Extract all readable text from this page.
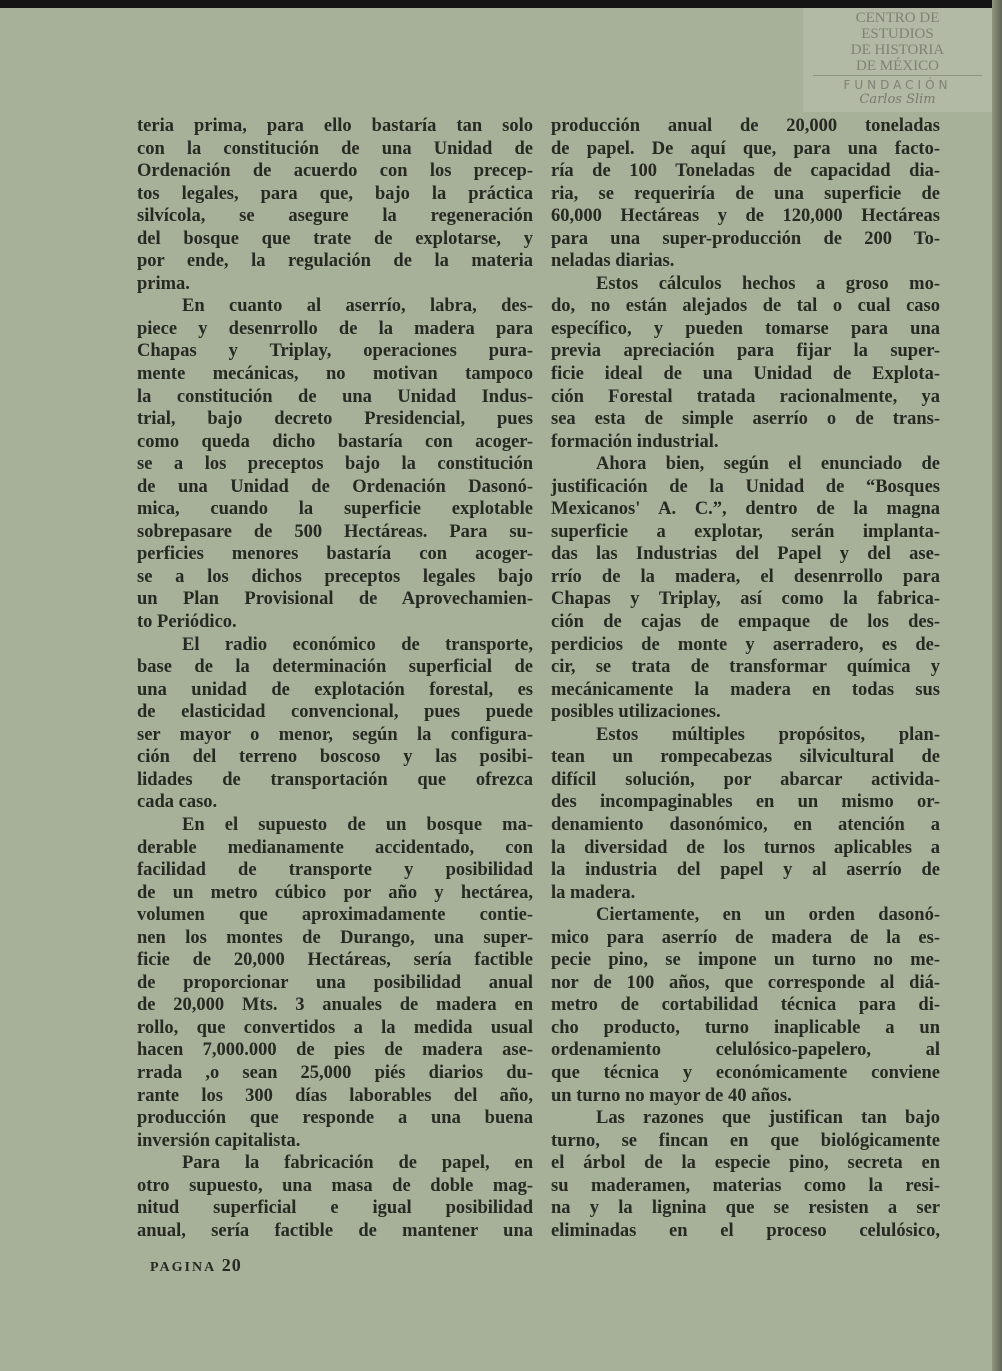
CENTRO DE
ESTUDIOS
DE HISTORIA
DE MÉXICO
FUNDACIÓN
Carlos Slim
teria prima, para ello bastaría tan solo
con la constitución de una Unidad de
Ordenación de acuerdo con los precep-
tos legales, para que, bajo la práctica
silvícola, se asegure la regeneración
del bosque que trate de explotarse, y
por ende, la regulación de la materia
prima.
En cuanto al aserrío, labra, des-
piece y desenrrollo de la madera para
Chapas y Triplay, operaciones pura-
mente mecánicas, no motivan tampoco
la constitución de una Unidad Indus-
trial, bajo decreto Presidencial, pues
como queda dicho bastaría con acoger-
se a los preceptos bajo la constitución
de una Unidad de Ordenación Dasonó-
mica, cuando la superficie explotable
sobrepasare de 500 Hectáreas. Para su-
perficies menores bastaría con acoger-
se a los dichos preceptos legales bajo
un Plan Provisional de Aprovechamien-
to Periódico.
El radio económico de transporte,
base de la determinación superficial de
una unidad de explotación forestal, es
de elasticidad convencional, pues puede
ser mayor o menor, según la configura-
ción del terreno boscoso y las posibi-
lidades de transportación que ofrezca
cada caso.
En el supuesto de un bosque ma-
derable medianamente accidentado, con
facilidad de transporte y posibilidad
de un metro cúbico por año y hectárea,
volumen que aproximadamente contie-
nen los montes de Durango, una super-
ficie de 20,000 Hectáreas, sería factible
de proporcionar una posibilidad anual
de 20,000 Mts. 3 anuales de madera en
rollo, que convertidos a la medida usual
hacen 7,000.000 de pies de madera ase-
rrada ,o sean 25,000 piés diarios du-
rante los 300 días laborables del año,
producción que responde a una buena
inversión capitalista.
Para la fabricación de papel, en
otro supuesto, una masa de doble mag-
nitud superficial e igual posibilidad
anual, sería factible de mantener una
producción anual de 20,000 toneladas
de papel. De aquí que, para una facto-
ría de 100 Toneladas de capacidad dia-
ria, se requeriría de una superficie de
60,000 Hectáreas y de 120,000 Hectáreas
para una super-producción de 200 To-
neladas diarias.
Estos cálculos hechos a groso mo-
do, no están alejados de tal o cual caso
específico, y pueden tomarse para una
previa apreciación para fijar la super-
ficie ideal de una Unidad de Explota-
ción Forestal tratada racionalmente, ya
sea esta de simple aserrío o de trans-
formación industrial.
Ahora bien, según el enunciado de
justificación de la Unidad de “Bosques
Mexicanos' A. C.”, dentro de la magna
superficie a explotar, serán implanta-
das las Industrias del Papel y del ase-
rrío de la madera, el desenrrollo para
Chapas y Triplay, así como la fabrica-
ción de cajas de empaque de los des-
perdicios de monte y aserradero, es de-
cir, se trata de transformar química y
mecánicamente la madera en todas sus
posibles utilizaciones.
Estos múltiples propósitos, plan-
tean un rompecabezas silvicultural de
difícil solución, por abarcar activida-
des incompaginables en un mismo or-
denamiento dasonómico, en atención a
la diversidad de los turnos aplicables a
la industria del papel y al aserrío de
la madera.
Ciertamente, en un orden dasonó-
mico para aserrío de madera de la es-
pecie pino, se impone un turno no me-
nor de 100 años, que corresponde al diá-
metro de cortabilidad técnica para di-
cho producto, turno inaplicable a un
ordenamiento celulósico-papelero, al
que técnica y económicamente conviene
un turno no mayor de 40 años.
Las razones que justifican tan bajo
turno, se fincan en que biológicamente
el árbol de la especie pino, secreta en
su maderamen, materias como la resi-
na y la lignina que se resisten a ser
eliminadas en el proceso celulósico,
PAGINA 20
